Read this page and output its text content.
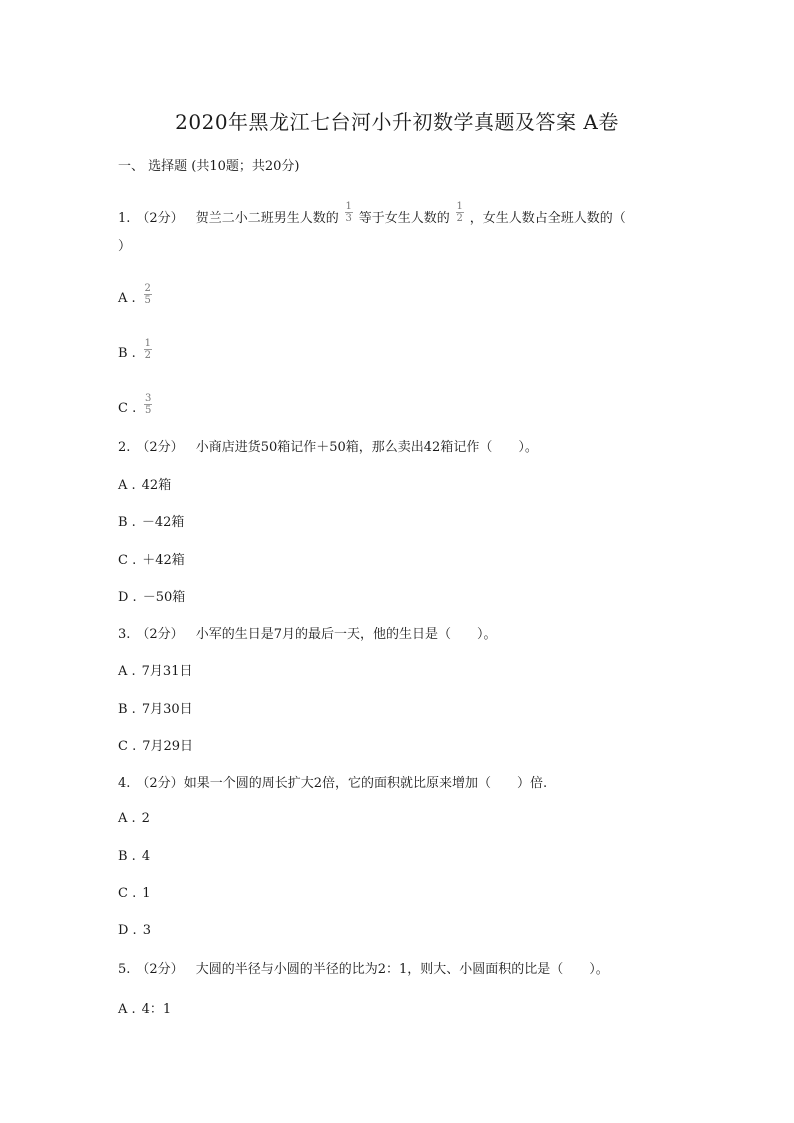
2020年黑龙江七台河小升初数学真题及答案 A卷
一、 选择题 (共10题；共20分)
1. （2分） 贺兰二小二班男生人数的 $\frac{1}{3}$ 等于女生人数的 $\frac{1}{2}$ ，女生人数占全班人数的（
）
A . $\frac{2}{5}$
B . $\frac{1}{2}$
C . $\frac{3}{5}$
2. （2分） 小商店进货50箱记作＋50箱，那么卖出42箱记作（　　）。
A . 42箱
B . －42箱
C . ＋42箱
D . －50箱
3. （2分） 小军的生日是7月的最后一天，他的生日是（　　）。
A . 7月31日
B . 7月30日
C . 7月29日
4. （2分）如果一个圆的周长扩大2倍，它的面积就比原来增加（　　）倍.
A . 2
B . 4
C . 1
D . 3
5. （2分） 大圆的半径与小圆的半径的比为2：1，则大、小圆面积的比是（　　）。
A . 4：1
